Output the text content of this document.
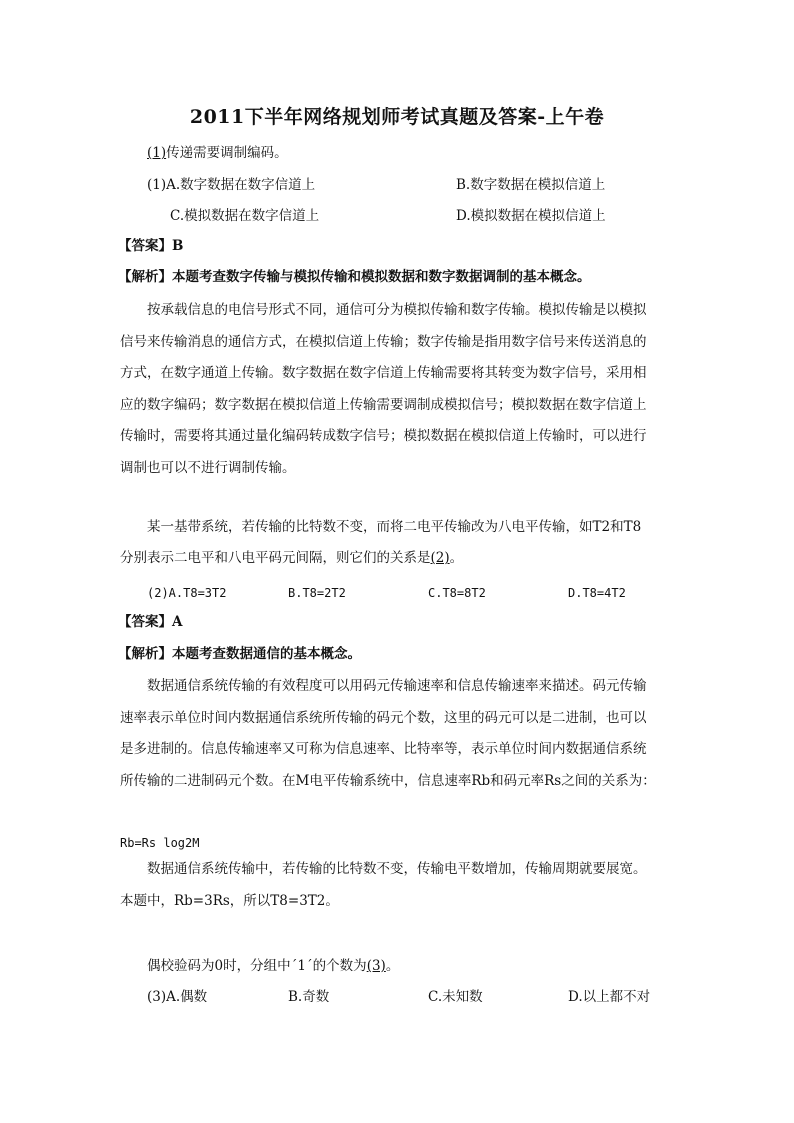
2011下半年网络规划师考试真题及答案-上午卷
(1)传递需要调制编码。
(1)A.数字数据在数字信道上	B.数字数据在模拟信道上
C.模拟数据在数字信道上	D.模拟数据在模拟信道上
【答案】B
【解析】本题考查数字传输与模拟传输和模拟数据和数字数据调制的基本概念。

按承载信息的电信号形式不同，通信可分为模拟传输和数字传输。模拟传输是以模拟

信号来传输消息的通信方式，在模拟信道上传输；数字传输是指用数字信号来传送消息的

方式，在数字通道上传输。数字数据在数字信道上传输需要将其转变为数字信号，采用相

应的数字编码；数字数据在模拟信道上传输需要调制成模拟信号；模拟数据在数字信道上

传输时，需要将其通过量化编码转成数字信号；模拟数据在模拟信道上传输时，可以进行

调制也可以不进行调制传输。

某一基带系统，若传输的比特数不变，而将二电平传输改为八电平传输，如T2和T8
分别表示二电平和八电平码元间隔，则它们的关系是(2)。
(2)A.T8=3T2	B.T8=2T2	C.T8=8T2	D.T8=4T2
【答案】A
【解析】本题考查数据通信的基本概念。

数据通信系统传输的有效程度可以用码元传输速率和信息传输速率来描述。码元传输

速率表示单位时间内数据通信系统所传输的码元个数，这里的码元可以是二进制，也可以

是多进制的。信息传输速率又可称为信息速率、比特率等，表示单位时间内数据通信系统

所传输的二进制码元个数。在M电平传输系统中，信息速率Rb和码元率Rs之间的关系为：

Rb=Rs log2M
数据通信系统传输中，若传输的比特数不变，传输电平数增加，传输周期就要展宽。
本题中，Rb=3Rs，所以T8=3T2。
偶校验码为0时，分组中ˊ1ˊ的个数为(3)。
(3)A.偶数	B.奇数	C.未知数	D.以上都不对
